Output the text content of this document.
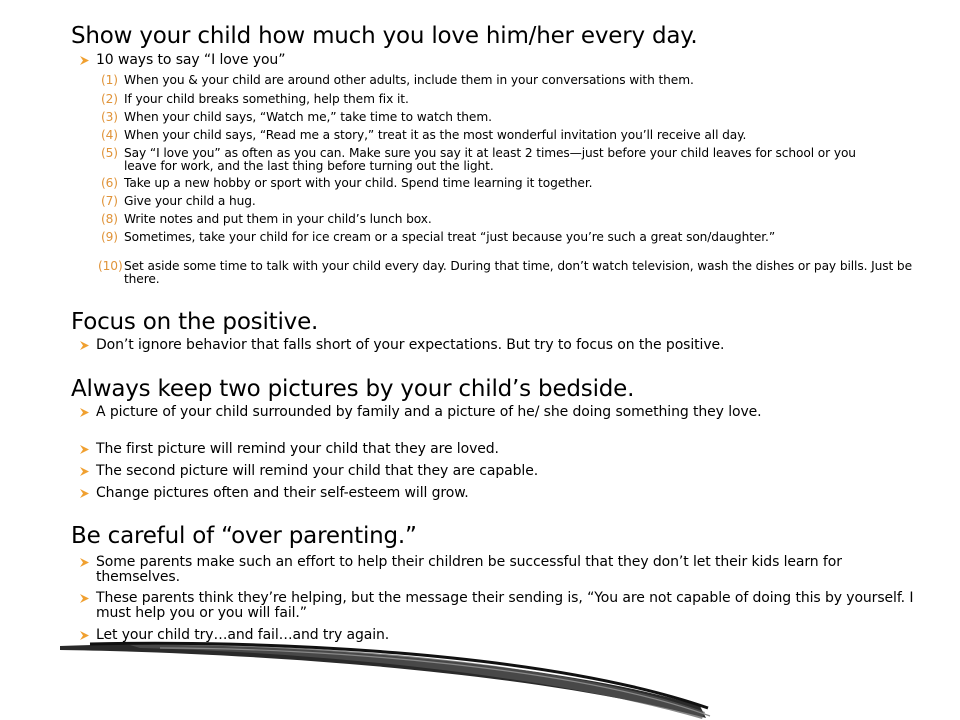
Show your child how much you love him/her every day.
10 ways to say “I love you”
(1) When you & your child are around other adults, include them in your conversations with them.
(2) If your child breaks something, help them fix it.
(3) When your child says, “Watch me,” take time to watch them.
(4) When your child says, “Read me a story,” treat it as the most wonderful invitation you’ll receive all day.
(5) Say “I love you” as often as you can. Make sure you say it at least 2 times—just before your child leaves for school or you leave for work, and the last thing before turning out the light.
(6) Take up a new hobby or sport with your child. Spend time learning it together.
(7) Give your child a hug.
(8) Write notes and put them in your child’s lunch box.
(9) Sometimes, take your child for ice cream or a special treat “just because you’re such a great son/daughter.”
(10) Set aside some time to talk with your child every day. During that time, don’t watch television, wash the dishes or pay bills. Just be there.
Focus on the positive.
Don’t ignore behavior that falls short of your expectations. But try to focus on the positive.
Always keep two pictures by your child’s bedside.
A picture of your child surrounded by family and a picture of he/ she doing something they love.
The first picture will remind your child that they are loved.
The second picture will remind your child that they are capable.
Change pictures often and their self-esteem will grow.
Be careful of “over parenting.”
Some parents make such an effort to help their children be successful that they don’t let their kids learn for themselves.
These parents think they’re helping, but the message their sending is, “You are not capable of doing this by yourself. I must help you or you will fail.”
Let your child try…and fail…and try again.
